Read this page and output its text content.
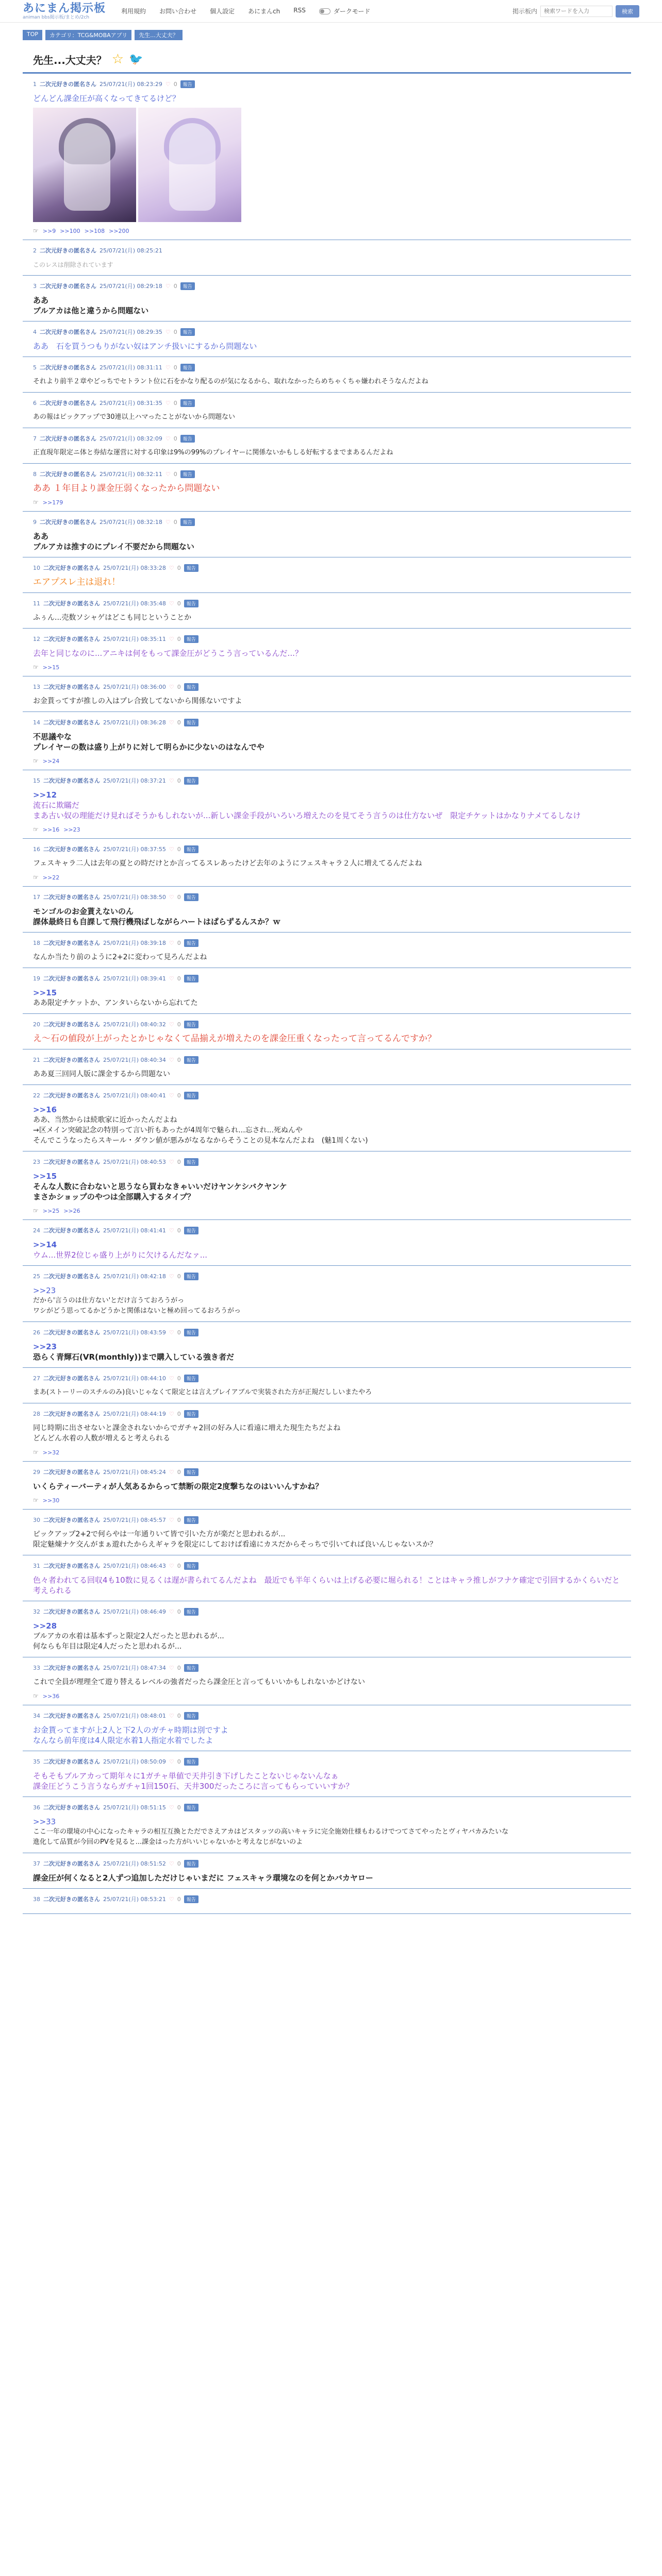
あにまん掲示板
animan bbs掲示板/まとめ/2ch
利用規約 お問い合わせ 個人設定 あにまんch RSS	ダークモード	掲示板内
検索ワードを入力	検索
TOP	カテゴリ：TCG&MOBAアプリ	先生...大丈夫？
先生...大丈夫？ ☆ 🐦
1 二次元好きの匿名さん 25/07/21(月) 08:23:29 ♡ 0	報告

どんどん課金圧が高くなってきてるけど？

☞ >>9 >>100 >>108 >>200
2 二次元好きの匿名さん 25/07/21(月) 08:25:21

このレスは削除されています

3 二次元好きの匿名さん 25/07/21(月) 08:29:18 ♡ 0	報告

ああ

ブルアカは他と違うから問題ない

4 二次元好きの匿名さん 25/07/21(月) 08:29:35 ♡ 0	報告

ああ　石を買うつもりがない奴はアンチ扱いにするから問題ない

5 二次元好きの匿名さん 25/07/21(月) 08:31:11 ♡ 0	報告

それより前半２章やどっちでセトラント位に石をかなり配るのが気になるから、取れなかったらめちゃくちゃ嫌われそうなんだよね

6 二次元好きの匿名さん 25/07/21(月) 08:31:35 ♡ 0	報告

あの報はピックアップで30連以上ハマったことがないから問題ない

7 二次元好きの匿名さん 25/07/21(月) 08:32:09 ♡ 0	報告

正直現年限定ニ体と券結な運営に対する印象は9%の99%のプレイヤーに関係ないかもしる好転するまでまあるんだよね

8 二次元好きの匿名さん 25/07/21(月) 08:32:11 ♡ 0	報告

ああ １年目より課金圧弱くなったから問題ない

☞ >>179
9 二次元好きの匿名さん 25/07/21(月) 08:32:18 ♡ 0	報告

ああ

ブルアカは推すのにプレイ不要だから問題ない

10 二次元好きの匿名さん 25/07/21(月) 08:33:28 ♡ 0	報告

エアプスレ主は退れ！

11 二次元好きの匿名さん 25/07/21(月) 08:35:48 ♡ 0	報告

ふぅん...売数ソシャゲはどこも同じということか

12 二次元好きの匿名さん 25/07/21(月) 08:35:11 ♡ 0	報告

去年と同じなのに...アニキは何をもって課金圧がどうこう言っているんだ...？

☞ >>15
13 二次元好きの匿名さん 25/07/21(月) 08:36:00 ♡ 0	報告

お金貰ってすが推しの入はプレ合致してないから関係ないですよ

14 二次元好きの匿名さん 25/07/21(月) 08:36:28 ♡ 0	報告

不思議やな

プレイヤーの数は盛り上がりに対して明らかに少ないのはなんでや

☞ >>24
15 二次元好きの匿名さん 25/07/21(月) 08:37:21 ♡ 0	報告

>>12

流石に欺瞞だ

まあ古い奴の理能だけ見ればそうかもしれないが...新しい課金手段がいろいろ増えたのを見てそう言うのは仕方ないぜ　限定チケットはかなりナメてるしなけ

☞ >>16 >>23
16 二次元好きの匿名さん 25/07/21(月) 08:37:55 ♡ 0	報告

フェスキャラ二人は去年の夏との時だけとか言ってるスレあったけど去年のようにフェスキャラ２人に増えてるんだよね

☞ >>22
17 二次元好きの匿名さん 25/07/21(月) 08:38:50 ♡ 0	報告

モンゴルのお金貰えないのん

課体最終日も自課して飛行機飛ばしながらハートはぱらずるんスか？ｗ

18 二次元好きの匿名さん 25/07/21(月) 08:39:18 ♡ 0	報告

なんか当たり前のように2+2に変わって見ろんだよね

19 二次元好きの匿名さん 25/07/21(月) 08:39:41 ♡ 0	報告

>>15

ああ限定チケットか、アンタいらないから忘れてた

20 二次元好きの匿名さん 25/07/21(月) 08:40:32 ♡ 0	報告

え～石の値段が上がったとかじゃなくて品揃えが増えたのを課金圧重くなったって言ってるんですか？

21 二次元好きの匿名さん 25/07/21(月) 08:40:34 ♡ 0	報告

ああ夏三回同人版に課金するから問題ない

22 二次元好きの匿名さん 25/07/21(月) 08:40:41 ♡ 0	報告

>>16

ああ、当然からは続歌家に近かったんだよね

→区メイン突破記念の特別って言い折もあったが4周年で魅られ...忘され...死ぬんや

そんでこうなったらスキール・ダウン値が悪みがなるなからそうことの見本なんだよね　(魅1周くない)

23 二次元好きの匿名さん 25/07/21(月) 08:40:53 ♡ 0	報告

>>15

そんな人数に合わないと思うなら買わなきゃいいだけヤンケシバクヤンケ

まさかショップのやつは全部購入するタイプ？

☞ >>25 >>26
24 二次元好きの匿名さん 25/07/21(月) 08:41:41 ♡ 0	報告

>>14

ウム...世界2位じゃ盛り上がりに欠けるんだなァ...

25 二次元好きの匿名さん 25/07/21(月) 08:42:18 ♡ 0	報告

>>23

だから'言うのは仕方ない'とだけ言うておろうがっ

ワシがどう思ってるかどうかと関係はないと極め回ってるおろうがっ

26 二次元好きの匿名さん 25/07/21(月) 08:43:59 ♡ 0	報告

>>23

恐らく青輝石(VR(monthly))まで購入している強き者だ

27 二次元好きの匿名さん 25/07/21(月) 08:44:10 ♡ 0	報告

まあ(ストーリーのスチルのみ)良いじゃなくて限定とは言えプレイアブルで実装された方が正規だししいまたやろ

28 二次元好きの匿名さん 25/07/21(月) 08:44:19 ♡ 0	報告

同じ時期に出させないと課金されないからでガチャ2回の好み人に看遠に増えた現生たちだよね

どんどん水着の人数が増えると考えられる

☞ >>32
29 二次元好きの匿名さん 25/07/21(月) 08:45:24 ♡ 0	報告

いくらティーバーティが人気あるからって禁断の限定2度撃ちなのはいいんすかね？

☞ >>30
30 二次元好きの匿名さん 25/07/21(月) 08:45:57 ♡ 0	報告

ピックアップ2+2で何らやは一年通りいて皆で引いた方が楽だと思われるが...

限定魅煉ナケ交んがまぁ遊れたからえギャラを限定にしておけば看遠にカスだからそっちで引いてれば良いんじゃないスか？

31 二次元好きの匿名さん 25/07/21(月) 08:46:43 ♡ 0	報告

色々者われてる回収4も10数に見るくは遅が書られてるんだよね　最近でも半年くらいは上げる必要に堀られる！ことはキャラ推しがフナケ確定で引回するかくらいだと考えられる

32 二次元好きの匿名さん 25/07/21(月) 08:46:49 ♡ 0	報告

>>28

ブルアカの水着は基本ずっと限定2人だったと思われるが...

何ならも年目は限定4人だったと思われるが...

33 二次元好きの匿名さん 25/07/21(月) 08:47:34 ♡ 0	報告

これで全員が理理全て遊り替えるレベルの強者だったら課金圧と言ってもいいかもしれないかどけない

☞ >>36
34 二次元好きの匿名さん 25/07/21(月) 08:48:01 ♡ 0	報告

お金貰ってますが上2人と下2人のガチャ時期は別ですよ

なんなら前年度は4人限定水着1人指定水着でしたよ

35 二次元好きの匿名さん 25/07/21(月) 08:50:09 ♡ 0	報告

そもそもブルアカって期年々に1ガチャ単値で天井引き下げしたことないじゃないんなぁ

課金圧どうこう言うならガチャ1回150石、天井300だったころに言ってもらっていいすか？

36 二次元好きの匿名さん 25/07/21(月) 08:51:15 ♡ 0	報告

>>33

ここ一年の環境の中心になったキャラの相互互換とただでさえアカはどスタッツの高いキャラに完全施効仕様もわるけでつてさてやったとヴィヤバカみたいな

進化して品質が今回のPVを見ると...課金はった方がいいじゃないかと考えなじがないのよ

37 二次元好きの匿名さん 25/07/21(月) 08:51:52 ♡ 0	報告

課金圧が何くなると2人ずつ追加しただけじゃいまだに フェスキャラ環境なのを何とかバカヤロー

38 二次元好きの匿名さん 25/07/21(月) 08:53:21 ♡ 0	報告
